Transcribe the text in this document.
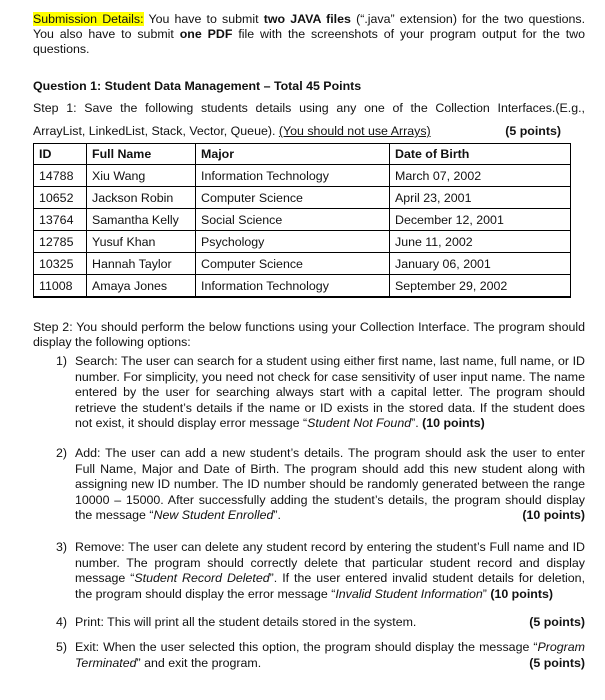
Submission Details: You have to submit two JAVA files (“.java” extension) for the two questions. You also have to submit one PDF file with the screenshots of your program output for the two questions.
Question 1: Student Data Management – Total 45 Points
Step 1: Save the following students details using any one of the Collection Interfaces.(E.g.,
ArrayList, LinkedList, Stack, Vector, Queue). (You should not use Arrays)	(5 points)
ID	Full Name	Major	Date of Birth
14788	Xiu Wang	Information Technology	March 07, 2002
10652	Jackson Robin	Computer Science	April 23, 2001
13764	Samantha Kelly	Social Science	December 12, 2001
12785	Yusuf Khan	Psychology	June 11, 2002
10325	Hannah Taylor	Computer Science	January 06, 2001
11008	Amaya Jones	Information Technology	September 29, 2002
Step 2: You should perform the below functions using your Collection Interface. The program should display the following options:
1) Search: The user can search for a student using either first name, last name, full name, or ID number. For simplicity, you need not check for case sensitivity of user input name. The name entered by the user for searching always start with a capital letter. The program should retrieve the student’s details if the name or ID exists in the stored data. If the student does not exist, it should display error message “Student Not Found”. (10 points)
2) Add: The user can add a new student’s details. The program should ask the user to enter Full Name, Major and Date of Birth. The program should add this new student along with assigning new ID number. The ID number should be randomly generated between the range 10000 – 15000. After successfully adding the student’s details, the program should display the message “New Student Enrolled”.	(10 points)
3) Remove: The user can delete any student record by entering the student’s Full name and ID number. The program should correctly delete that particular student record and display message “Student Record Deleted”. If the user entered invalid student details for deletion, the program should display the error message “Invalid Student Information” (10 points)
4)	(5 points)
Print: This will print all the student details stored in the system.
5) Exit: When the user selected this option, the program should display the message “Program Terminated” and exit the program.	(5 points)
